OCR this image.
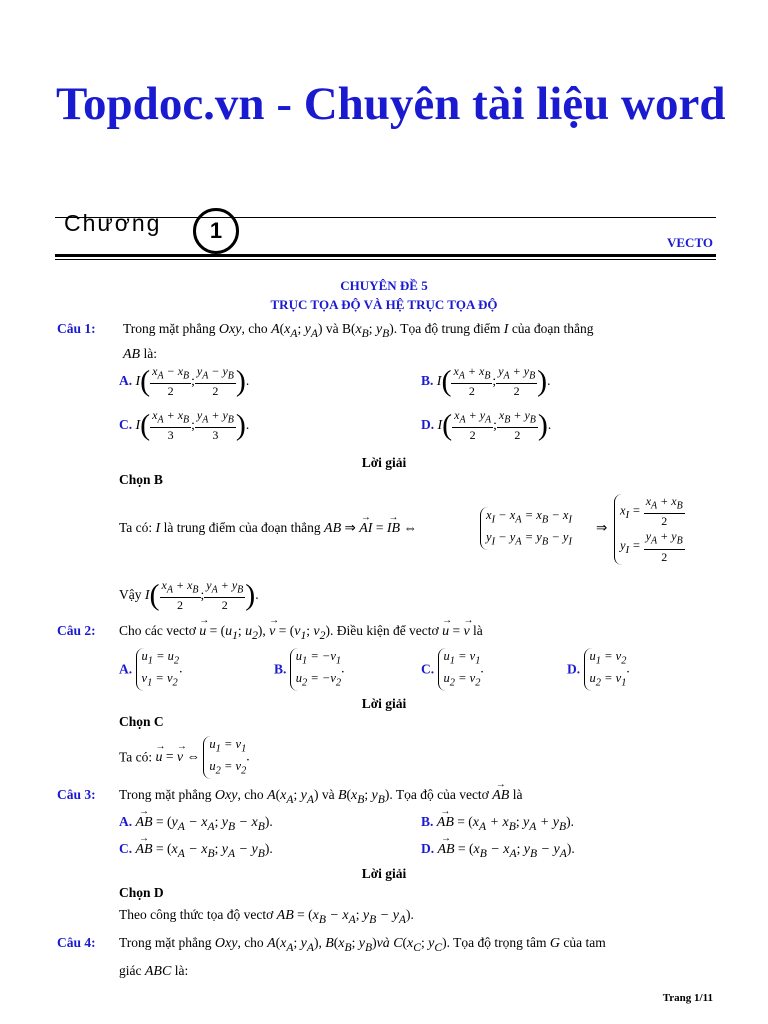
Topdoc.vn - Chuyên tài liệu word
Chương	1	VECTO
CHUYÊN ĐỀ 5
TRỤC TỌA ĐỘ VÀ HỆ TRỤC TỌA ĐỘ
Câu 1: Trong mặt phẳng Oxy, cho $A(x_A$; $y_A$) và $B(x_B$; $y_B$). Tọa độ trung điểm I của đoạn thẳng
AB là:
A. $I( \frac{x_A - x_B}{2}$ ; $\frac{y_A - y_B}{2}$ ).	B. $I( \frac{x_A + x_B}{2}$ ; $\frac{y_A + y_B}{2}$ ).
C. $I( \frac{x_A + x_B}{3}$ ; $\frac{y_A + y_B}{3}$ ).	D. $I( \frac{x_A + y_A}{2}$ ; $\frac{x_B + y_B}{2}$ ).
Lời giải
Chọn B
Ta có: I là trung điểm của đoạn thẳng AB ⇒ → AI = → IB ⇔
$x_I - x_A = x_B - x_I$
$y_I - y_A = y_B - y_I$
⇒
$x_I = \frac{x_A + x_B}{2}$

$y_I = \frac{y_A + y_B}{2}$
Vậy $I( \frac{x_A + x_B}{2}$ ; $\frac{y_A + y_B}{2}$ ).
Câu 2: Cho các vectơ → $u = (u_1$; $u_2$), → $v = (v_1$; $v_2$). Điều kiện để vectơ → u = → v là
A. $u_1 = u_2$
$v_1 = v_2$.	B. $u_1 = -v_1$
$u_2 = -v_2$.	C. $u_1 = v_1$
$u_2 = v_2$.	D. $u_1 = v_2$
$u_2 = v_1$.
Lời giải
Chọn C
Ta có: → u = → v ⇔ $u_1 = v_1$
$u_2 = v_2$.
Câu 3: Trong mặt phẳng Oxy, cho $A(x_A$; $y_A$) và $B(x_B$; $y_B$). Tọa độ của vectơ → AB là
A. → AB = ($y_A - x_A$; $y_B - x_B$).	B. → AB = ($x_A + x_B$; $y_A + y_B$).
C. → AB = ($x_A - x_B$; $y_A - y_B$).	D. → AB = ($x_B - x_A$; $y_B - y_A$).
Lời giải
Chọn D
Theo công thức tọa độ vectơ AB = ($x_B - x_A$; $y_B - y_A$).
Câu 4: Trong mặt phẳng Oxy, cho $A(x_A$; $y_A$), $B(x_B$; $y_B)và$ $C(x_C$; $y_C$). Tọa độ trọng tâm G của tam
giác ABC là:
Trang 1/11
